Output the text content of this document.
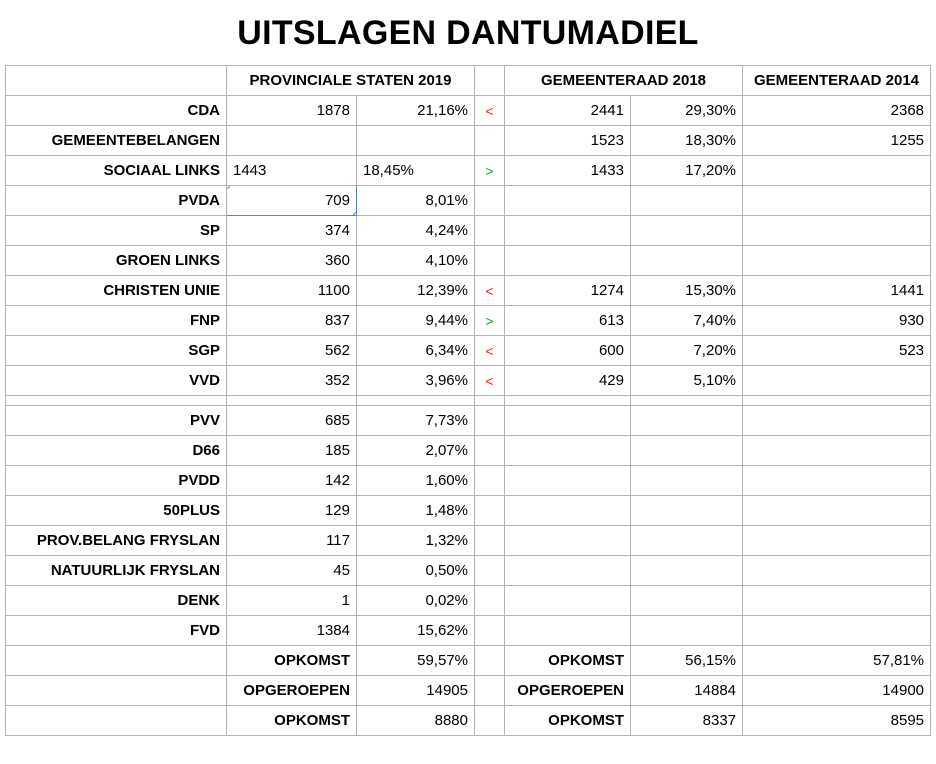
UITSLAGEN DANTUMADIEL
	PROVINCIALE STATEN 2019			GEMEENTERAAD 2018		GEMEENTERAAD 2014
CDA	1878	21,16%	<	2441	29,30%	2368
GEMEENTEBELANGEN				1523	18,30%	1255
SOCIAAL LINKS	1443	18,45%	>	1433	17,20%	
PVDA	709	8,01%				
SP	374	4,24%				
GROEN LINKS	360	4,10%				
CHRISTEN UNIE	1100	12,39%	<	1274	15,30%	1441
FNP	837	9,44%	>	613	7,40%	930
SGP	562	6,34%	<	600	7,20%	523
VVD	352	3,96%	<	429	5,10%	

PVV	685	7,73%				
D66	185	2,07%				
PVDD	142	1,60%				
50PLUS	129	1,48%				
PROV.BELANG FRYSLAN	117	1,32%				
NATUURLIJK FRYSLAN	45	0,50%				
DENK	1	0,02%				
FVD	1384	15,62%				
	OPKOMST	59,57%		OPKOMST	56,15%	57,81%
	OPGEROEPEN	14905		OPGEROEPEN	14884	14900
	OPKOMST	8880		OPKOMST	8337	8595
